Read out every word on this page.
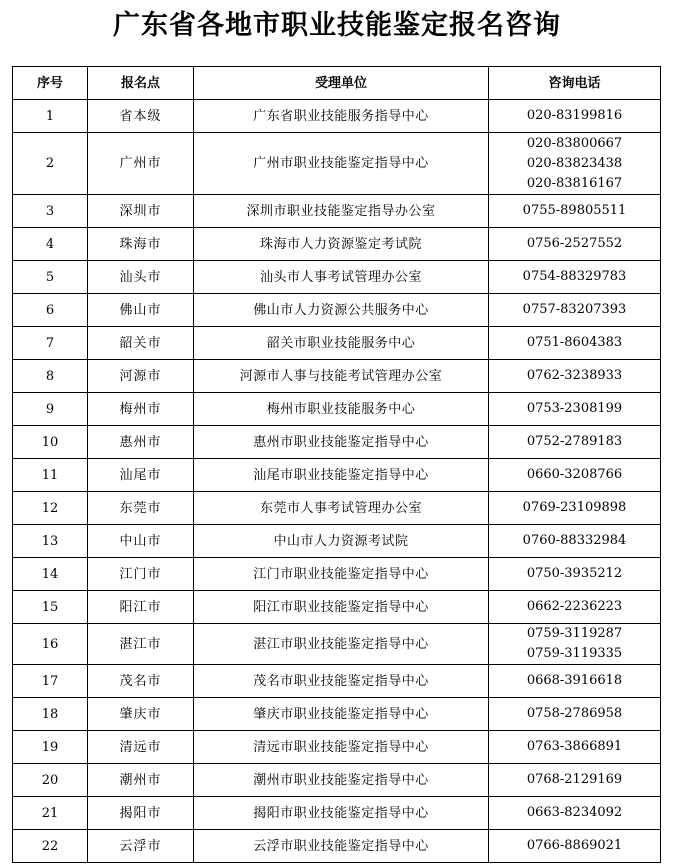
广东省各地市职业技能鉴定报名咨询
序号	报名点	受理单位	咨询电话
1	省本级	广东省职业技能服务指导中心	020-83199816

2	广州市	广州市职业技能鉴定指导中心	020-83800667
020-83823438
020-83816167

3	深圳市	深圳市职业技能鉴定指导办公室	0755-89805511

4	珠海市	珠海市人力资源鉴定考试院	0756-2527552

5	汕头市	汕头市人事考试管理办公室	0754-88329783

6	佛山市	佛山市人力资源公共服务中心	0757-83207393

7	韶关市	韶关市职业技能服务中心	0751-8604383

8	河源市	河源市人事与技能考试管理办公室	0762-3238933

9	梅州市	梅州市职业技能服务中心	0753-2308199

10	惠州市	惠州市职业技能鉴定指导中心	0752-2789183

11	汕尾市	汕尾市职业技能鉴定指导中心	0660-3208766

12	东莞市	东莞市人事考试管理办公室	0769-23109898

13	中山市	中山市人力资源考试院	0760-88332984

14	江门市	江门市职业技能鉴定指导中心	0750-3935212

15	阳江市	阳江市职业技能鉴定指导中心	0662-2236223

16	湛江市	湛江市职业技能鉴定指导中心	0759-3119287
0759-3119335

17	茂名市	茂名市职业技能鉴定指导中心	0668-3916618

18	肇庆市	肇庆市职业技能鉴定指导中心	0758-2786958

19	清远市	清远市职业技能鉴定指导中心	0763-3866891

20	潮州市	潮州市职业技能鉴定指导中心	0768-2129169

21	揭阳市	揭阳市职业技能鉴定指导中心	0663-8234092

22	云浮市	云浮市职业技能鉴定指导中心	0766-8869021
